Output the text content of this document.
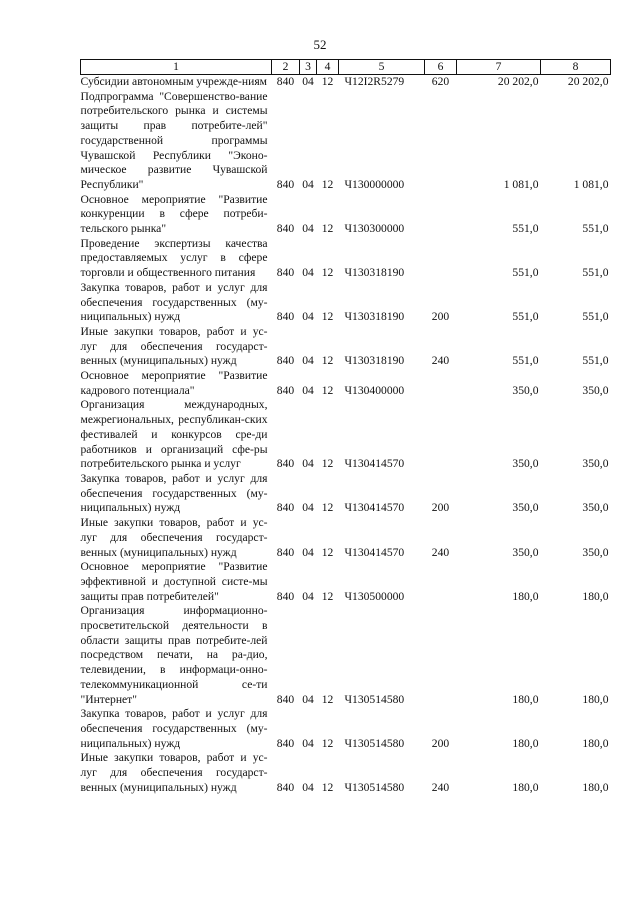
52
1	2	3	4	5	6	7	8
Субсидии автономным учрежде-ниям	840	04	12	Ч12I2R5279	620	20 202,0	20 202,0
Подпрограмма "Совершенство-вание потребительского рынка и системы защиты прав потребите-лей" государственной программы Чувашской Республики "Эконо-мическое развитие Чувашской Республики"	840	04	12	Ч130000000		1 081,0	1 081,0
Основное мероприятие "Развитие конкуренции в сфере потреби-тельского рынка"	840	04	12	Ч130300000		551,0	551,0
Проведение экспертизы качества предоставляемых услуг в сфере торговли и общественного питания	840	04	12	Ч130318190		551,0	551,0
Закупка товаров, работ и услуг для обеспечения государственных (му-ниципальных) нужд	840	04	12	Ч130318190	200	551,0	551,0
Иные закупки товаров, работ и ус-луг для обеспечения государст-венных (муниципальных) нужд	840	04	12	Ч130318190	240	551,0	551,0
Основное мероприятие "Развитие кадрового потенциала"	840	04	12	Ч130400000		350,0	350,0
Организация международных, межрегиональных, республикан-ских фестивалей и конкурсов сре-ди работников и организаций сфе-ры потребительского рынка и услуг	840	04	12	Ч130414570		350,0	350,0
Закупка товаров, работ и услуг для обеспечения государственных (му-ниципальных) нужд	840	04	12	Ч130414570	200	350,0	350,0
Иные закупки товаров, работ и ус-луг для обеспечения государст-венных (муниципальных) нужд	840	04	12	Ч130414570	240	350,0	350,0
Основное мероприятие "Развитие эффективной и доступной систе-мы защиты прав потребителей"	840	04	12	Ч130500000		180,0	180,0
Организация информационно-просветительской деятельности в области защиты прав потребите-лей посредством печати, на ра-дио, телевидении, в информаци-онно-телекоммуникационной се-ти "Интернет"	840	04	12	Ч130514580		180,0	180,0
Закупка товаров, работ и услуг для обеспечения государственных (му-ниципальных) нужд	840	04	12	Ч130514580	200	180,0	180,0
Иные закупки товаров, работ и ус-луг для обеспечения государст-венных (муниципальных) нужд	840	04	12	Ч130514580	240	180,0	180,0
